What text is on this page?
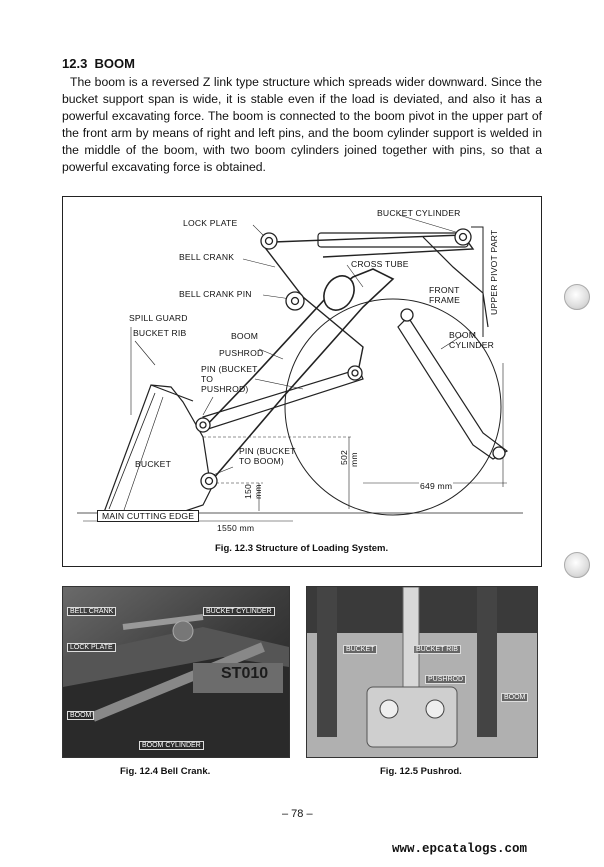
12.3 BOOM

The boom is a reversed Z link type structure which spreads wider downward. Since the bucket support span is wide, it is stable even if the load is deviated, and also it has a powerful excavating force. The boom is connected to the boom pivot in the upper part of the front arm by means of right and left pins, and the boom cylinder support is welded in the middle of the boom, with two boom cylinders joined together with pins, so that a powerful excavating force is obtained.

LOCK PLATE
BUCKET CYLINDER
BELL CRANK
CROSS TUBE
BELL CRANK PIN	FRONT
FRAME	UPPER PIVOT PART
SPILL GUARD
BUCKET RIB	BOOM	BOOM
CYLINDER
PUSHROD
PIN (BUCKET
TO
PUSHROD)
PIN (BUCKET
TO BOOM)
BUCKET	502 mm
150 mm	649 mm
MAIN CUTTING EDGE
1550 mm
Fig. 12.3 Structure of Loading System.
BELL CRANK	BUCKET CYLINDER
LOCK PLATE
ST010
BOOM
BOOM CYLINDER
Fig. 12.4 Bell Crank.
BUCKET	BUCKET RIB
PUSHROD
BOOM
Fig. 12.5 Pushrod.
– 78 –
www.epcatalogs.com
